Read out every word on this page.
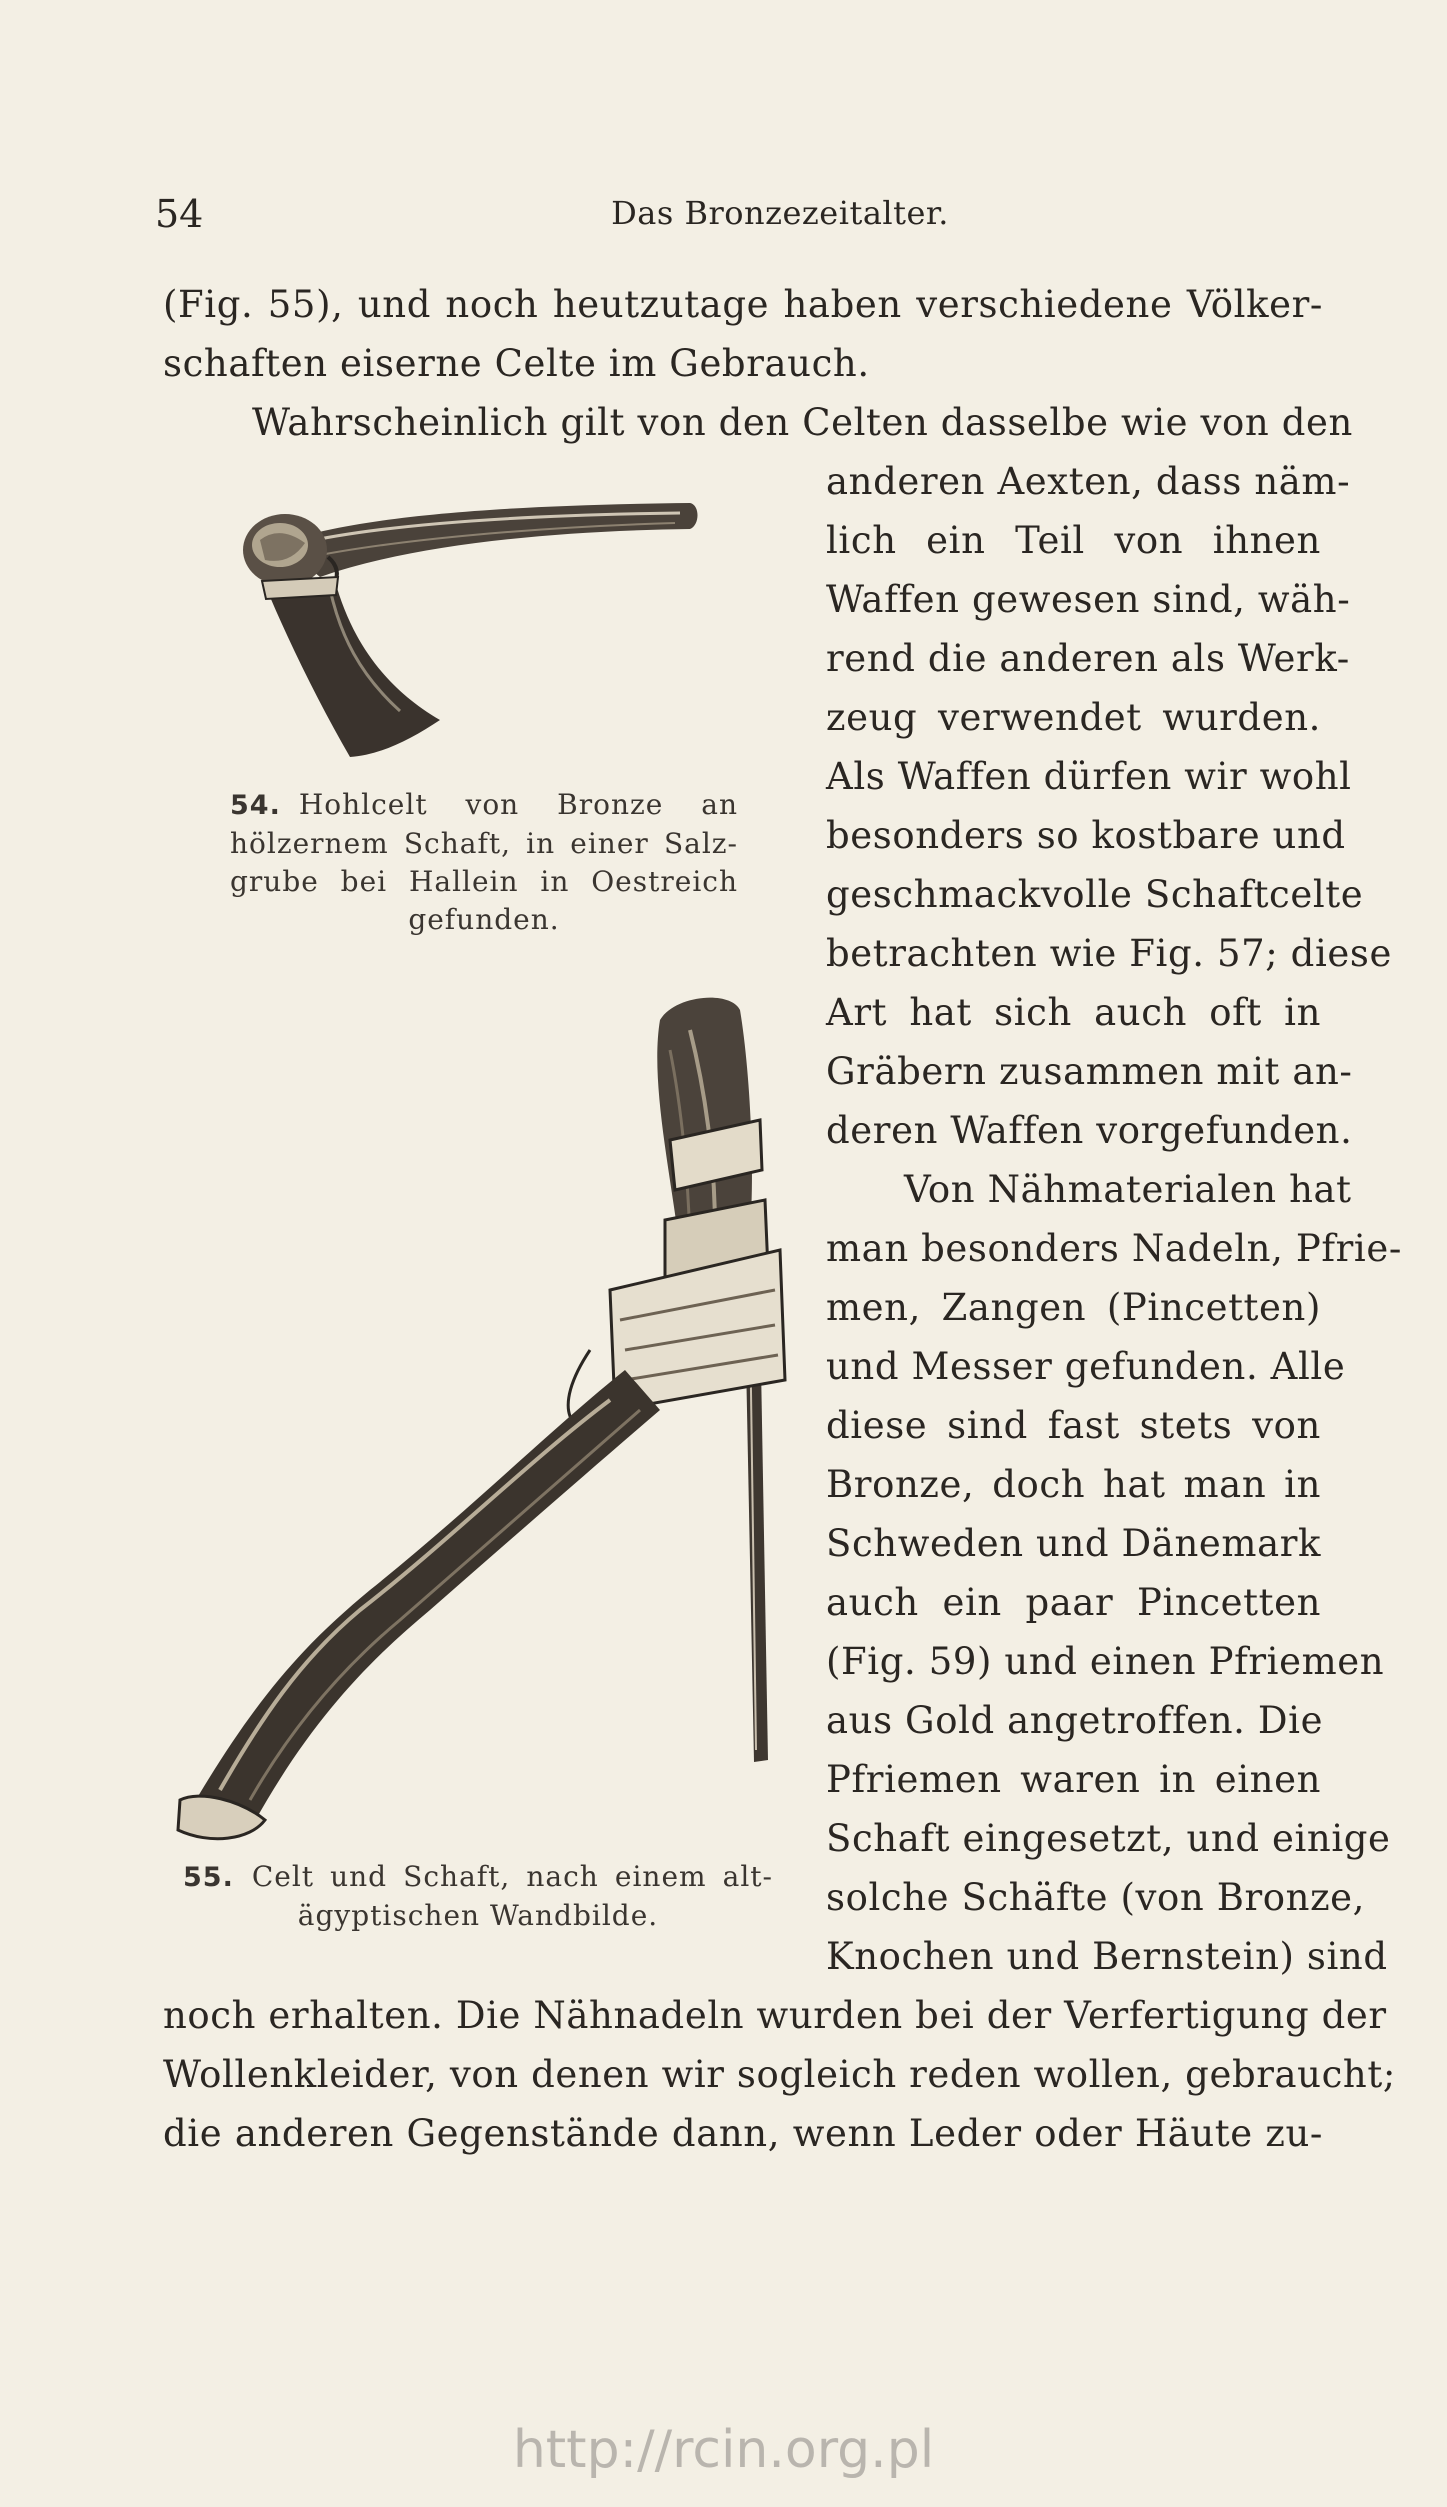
54	Das Bronzezeitalter.
(Fig. 55), und noch heutzutage haben verschiedene Völker-
schaften eiserne Celte im Gebrauch.
Wahrscheinlich gilt von den Celten dasselbe wie von den
anderen Aexten, dass näm-
lich ein Teil von ihnen
Waffen gewesen sind, wäh-
rend die anderen als Werk-
zeug verwendet wurden.
Als Waffen dürfen wir wohl
besonders so kostbare und
geschmackvolle Schaftcelte
betrachten wie Fig. 57; diese
Art hat sich auch oft in
Gräbern zusammen mit an-
deren Waffen vorgefunden.
Von Nähmaterialen hat
man besonders Nadeln, Pfrie-
men, Zangen (Pincetten)
und Messer gefunden. Alle
diese sind fast stets von
Bronze, doch hat man in
Schweden und Dänemark
auch ein paar Pincetten
(Fig. 59) und einen Pfriemen
aus Gold angetroffen. Die
Pfriemen waren in einen
Schaft eingesetzt, und einige
solche Schäfte (von Bronze,
Knochen und Bernstein) sind
noch erhalten. Die Nähnadeln wurden bei der Verfertigung der
Wollenkleider, von denen wir sogleich reden wollen, gebraucht;
die anderen Gegenstände dann, wenn Leder oder Häute zu-
54. Hohlcelt von Bronze an
hölzernem Schaft, in einer Salz-
grube bei Hallein in Oestreich
gefunden.
55. Celt und Schaft, nach einem alt-
ägyptischen Wandbilde.
http://rcin.org.pl
